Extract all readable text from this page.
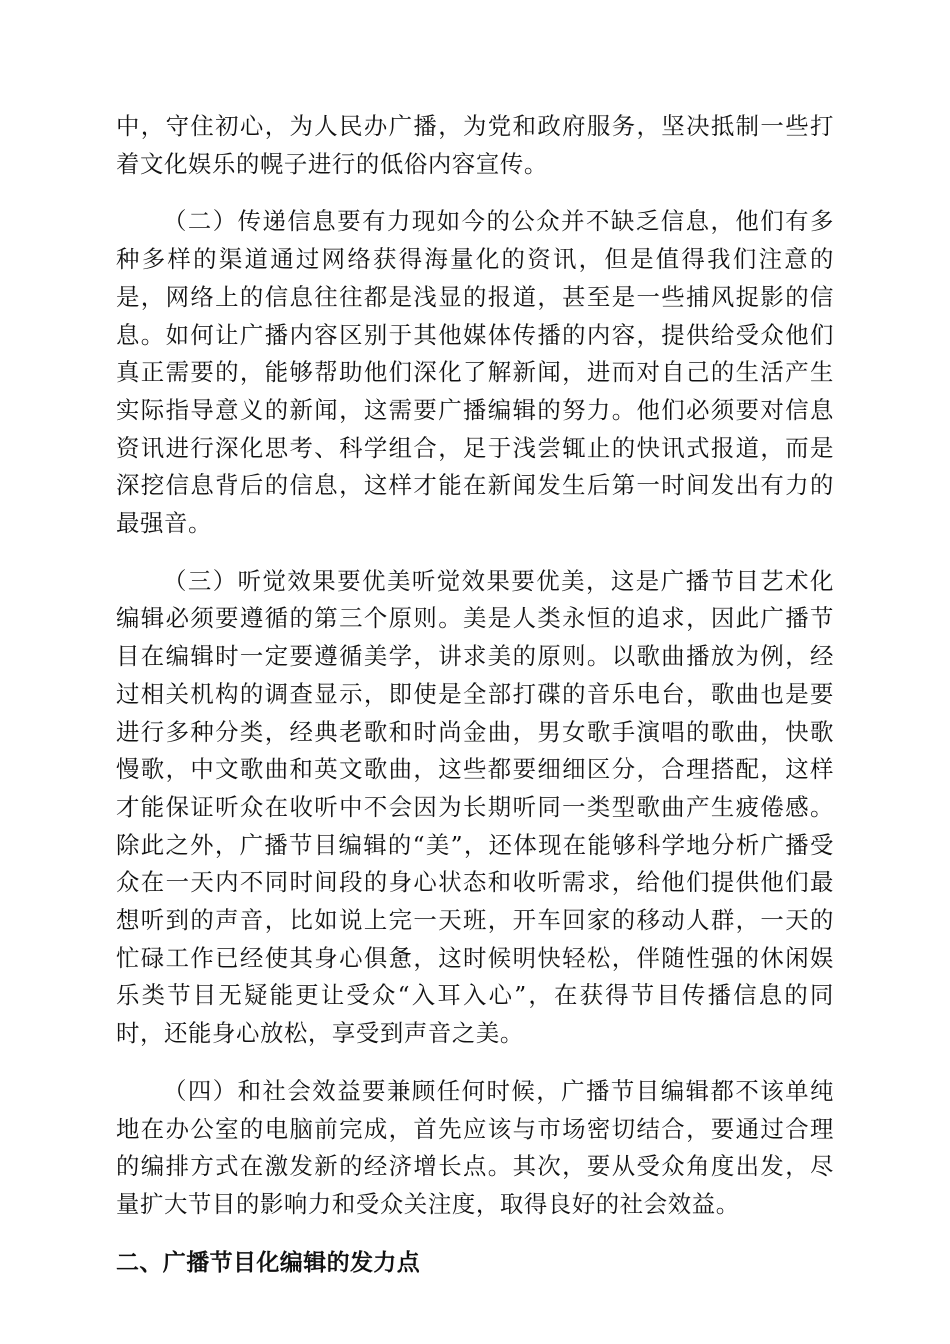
中，守住初心，为人民办广播，为党和政府服务，坚决抵制一些打着文化娱乐的幌子进行的低俗内容宣传。

（二）传递信息要有力现如今的公众并不缺乏信息，他们有多种多样的渠道通过网络获得海量化的资讯，但是值得我们注意的是，网络上的信息往往都是浅显的报道，甚至是一些捕风捉影的信息。如何让广播内容区别于其他媒体传播的内容，提供给受众他们真正需要的，能够帮助他们深化了解新闻，进而对自己的生活产生实际指导意义的新闻，这需要广播编辑的努力。他们必须要对信息资讯进行深化思考、科学组合，足于浅尝辄止的快讯式报道，而是深挖信息背后的信息，这样才能在新闻发生后第一时间发出有力的最强音。

（三）听觉效果要优美听觉效果要优美，这是广播节目艺术化编辑必须要遵循的第三个原则。美是人类永恒的追求，因此广播节目在编辑时一定要遵循美学，讲求美的原则。以歌曲播放为例，经过相关机构的调查显示，即使是全部打碟的音乐电台，歌曲也是要进行多种分类，经典老歌和时尚金曲，男女歌手演唱的歌曲，快歌慢歌，中文歌曲和英文歌曲，这些都要细细区分，合理搭配，这样才能保证听众在收听中不会因为长期听同一类型歌曲产生疲倦感。除此之外，广播节目编辑的“美”，还体现在能够科学地分析广播受众在一天内不同时间段的身心状态和收听需求，给他们提供他们最想听到的声音，比如说上完一天班，开车回家的移动人群，一天的忙碌工作已经使其身心俱惫，这时候明快轻松，伴随性强的休闲娱乐类节目无疑能更让受众“入耳入心”，在获得节目传播信息的同时，还能身心放松，享受到声音之美。

（四）和社会效益要兼顾任何时候，广播节目编辑都不该单纯地在办公室的电脑前完成，首先应该与市场密切结合，要通过合理的编排方式在激发新的经济增长点。其次，要从受众角度出发，尽量扩大节目的影响力和受众关注度，取得良好的社会效益。

二、广播节目化编辑的发力点
